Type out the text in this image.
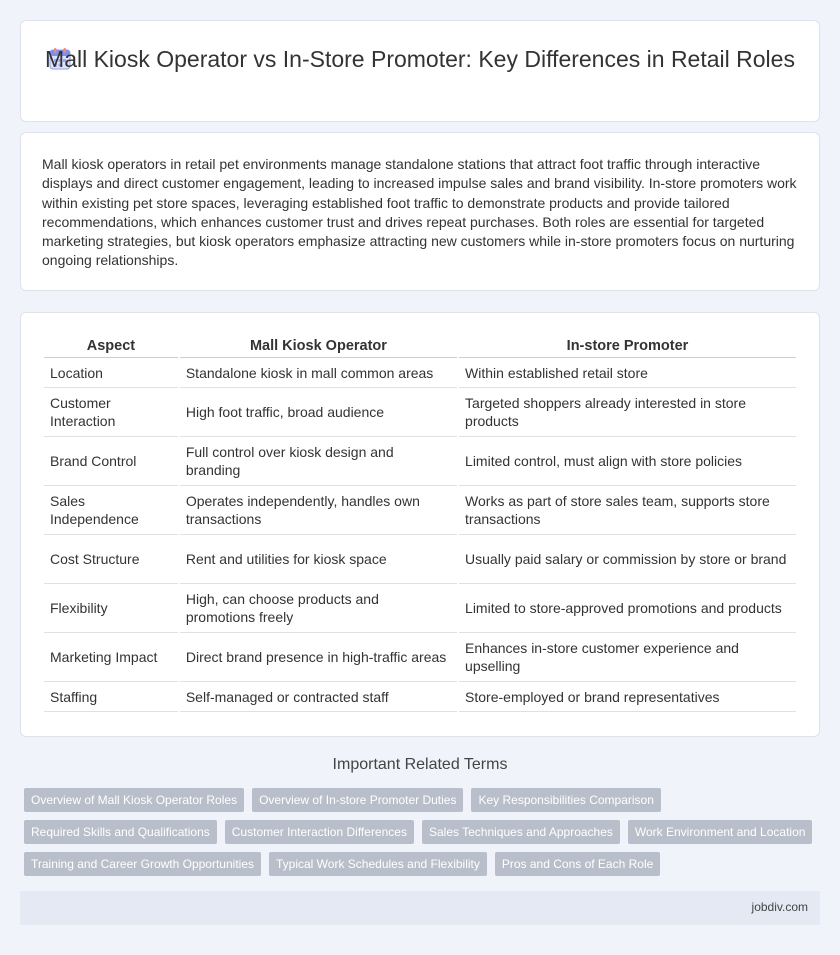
Mall Kiosk Operator vs In-Store Promoter: Key Differences in Retail Roles

Mall kiosk operators in retail pet environments manage standalone stations that attract foot traffic through interactive displays and direct customer engagement, leading to increased impulse sales and brand visibility. In-store promoters work within existing pet store spaces, leveraging established foot traffic to demonstrate products and provide tailored recommendations, which enhances customer trust and drives repeat purchases. Both roles are essential for targeted marketing strategies, but kiosk operators emphasize attracting new customers while in-store promoters focus on nurturing ongoing relationships.

Aspect	Mall Kiosk Operator	In-store Promoter
Location	Standalone kiosk in mall common areas	Within established retail store
Customer Interaction	High foot traffic, broad audience	Targeted shoppers already interested in store products
Brand Control	Full control over kiosk design and branding	Limited control, must align with store policies
Sales Independence	Operates independently, handles own transactions	Works as part of store sales team, supports store transactions
Cost Structure	Rent and utilities for kiosk space	Usually paid salary or commission by store or brand
Flexibility	High, can choose products and promotions freely	Limited to store-approved promotions and products
Marketing Impact	Direct brand presence in high-traffic areas	Enhances in-store customer experience and upselling
Staffing	Self-managed or contracted staff	Store-employed or brand representatives
Important Related Terms
Overview of Mall Kiosk Operator Roles	Overview of In-store Promoter Duties	Key Responsibilities Comparison
Required Skills and Qualifications	Customer Interaction Differences	Sales Techniques and Approaches	Work Environment and Location
Training and Career Growth Opportunities	Typical Work Schedules and Flexibility	Pros and Cons of Each Role
jobdiv.com
